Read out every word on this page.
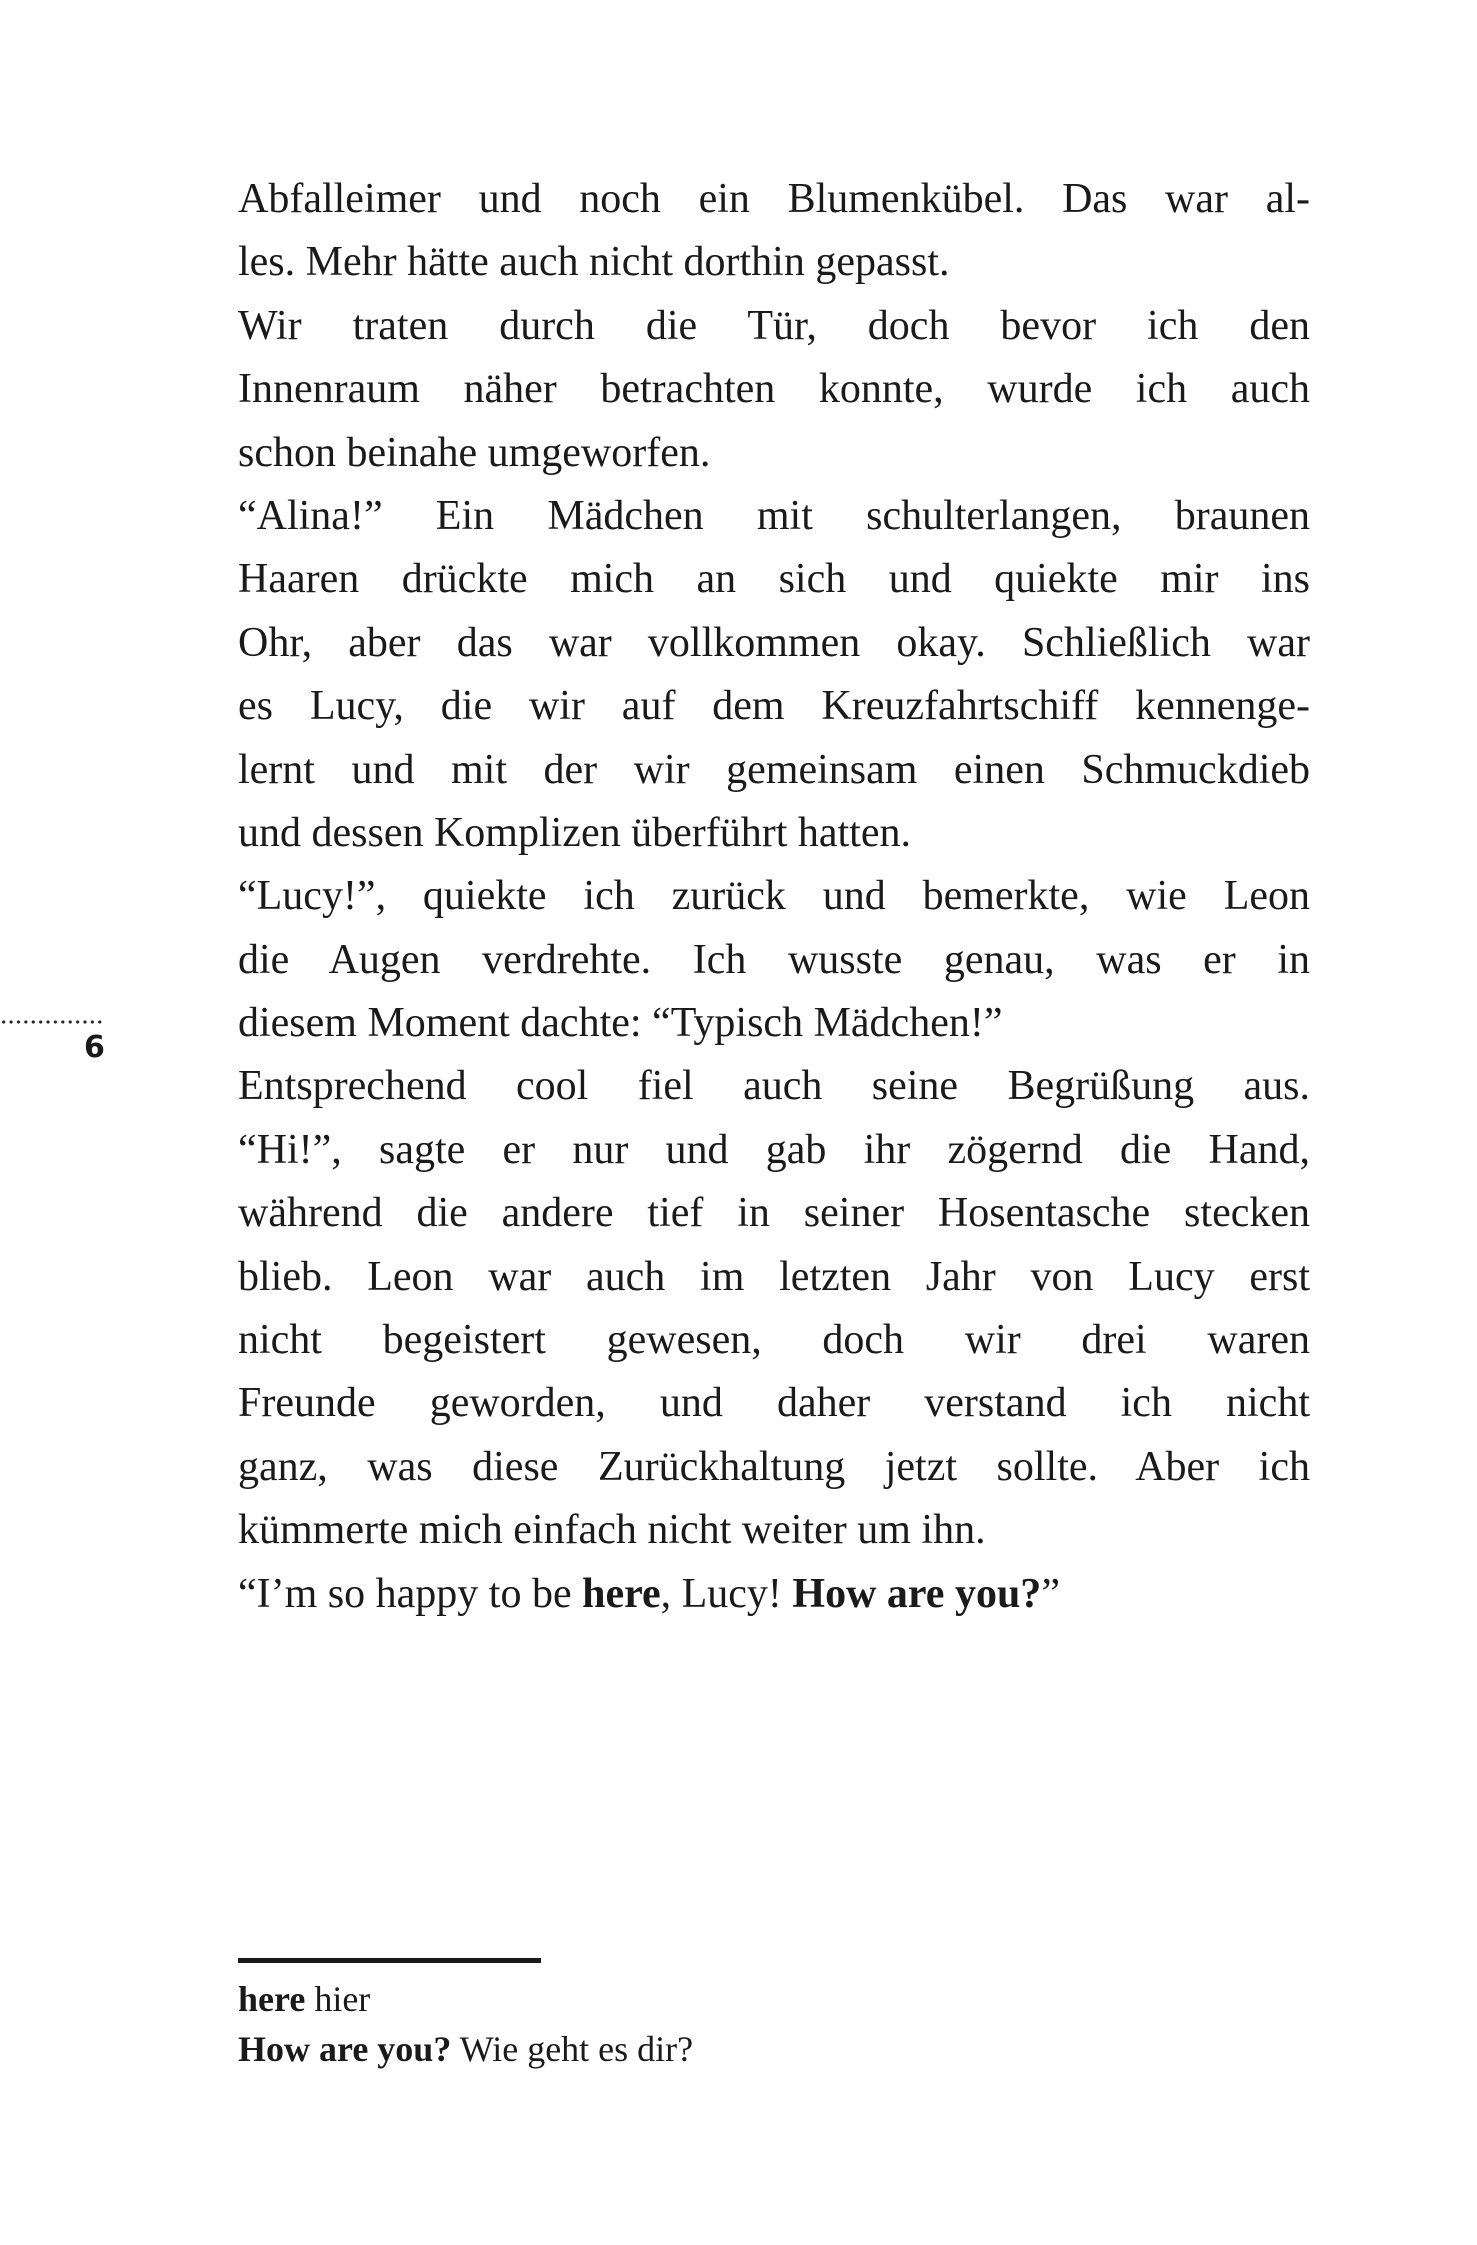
Abfalleimer und noch ein Blumenkübel. Das war al-
les. Mehr hätte auch nicht dorthin gepasst.
Wir traten durch die Tür, doch bevor ich den
Innenraum näher betrachten konnte, wurde ich auch
schon beinahe umgeworfen.
“Alina!” Ein Mädchen mit schulterlangen, braunen
Haaren drückte mich an sich und quiekte mir ins
Ohr, aber das war vollkommen okay. Schließlich war
es Lucy, die wir auf dem Kreuzfahrtschiff kennenge-
lernt und mit der wir gemeinsam einen Schmuckdieb
und dessen Komplizen überführt hatten.
“Lucy!”, quiekte ich zurück und bemerkte, wie Leon
die Augen verdrehte. Ich wusste genau, was er in
diesem Moment dachte: “Typisch Mädchen!”
Entsprechend cool fiel auch seine Begrüßung aus.
“Hi!”, sagte er nur und gab ihr zögernd die Hand,
während die andere tief in seiner Hosentasche stecken
blieb. Leon war auch im letzten Jahr von Lucy erst
nicht begeistert gewesen, doch wir drei waren
Freunde geworden, und daher verstand ich nicht
ganz, was diese Zurückhaltung jetzt sollte. Aber ich
kümmerte mich einfach nicht weiter um ihn.
“I’m so happy to be here, Lucy! How are you?”
6
here hier
How are you? Wie geht es dir?
